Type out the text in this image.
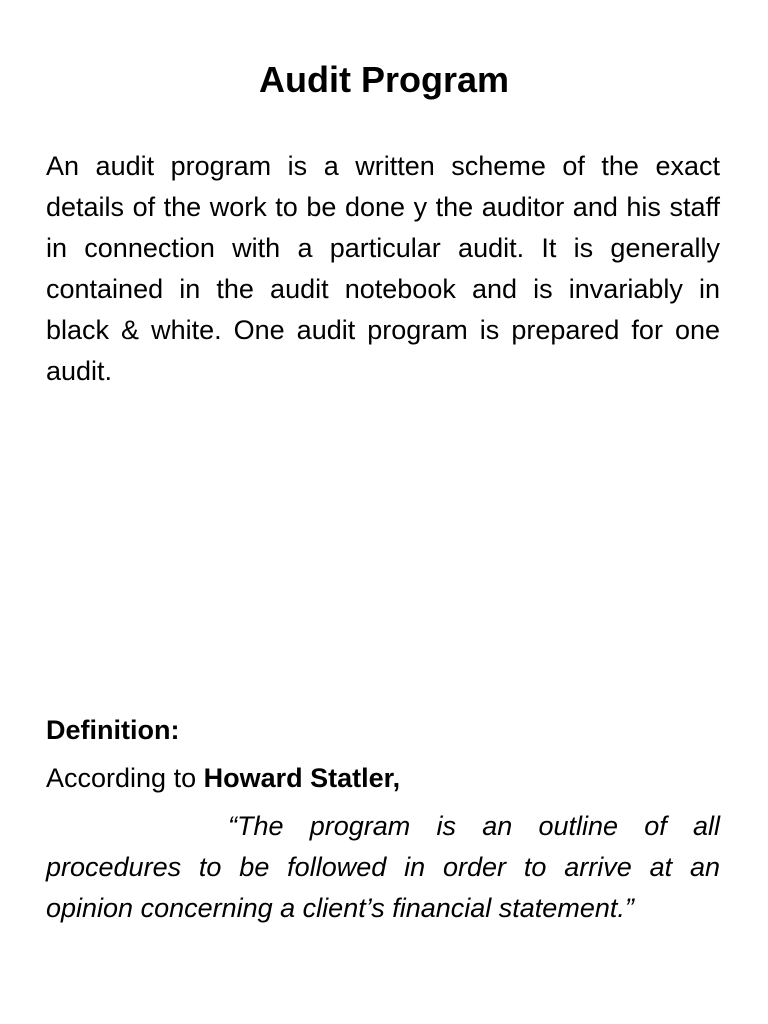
Audit Program

An audit program is a written scheme of the exact details of the work to be done y the auditor and his staff in connection with a particular audit. It is generally contained in the audit notebook and is invariably in black & white. One audit program is prepared for one audit.

Definition:

According to Howard Statler,

“The program is an outline of all procedures to be followed in order to arrive at an opinion concerning a client’s financial statement.”
